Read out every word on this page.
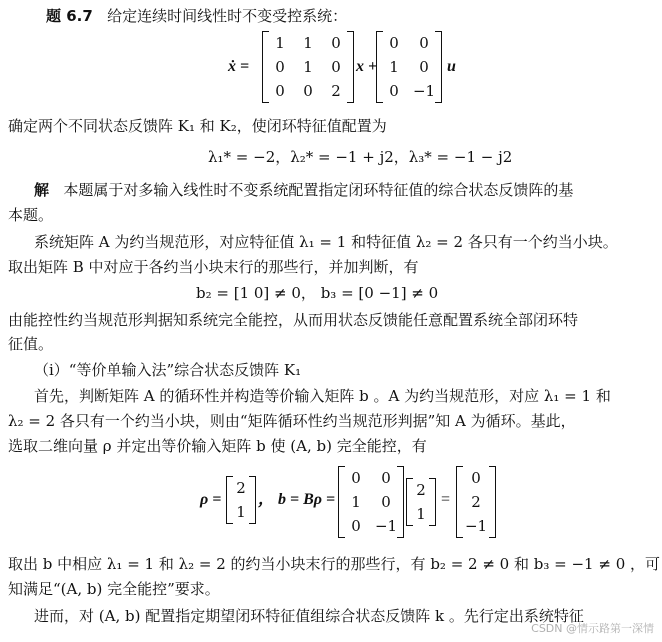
题 6.7 给定连续时间线性时不变受控系统：
ẋ =
1	1	0
0	1	0
0	0	2
x +
0	0
1	0
0 −1
u
确定两个不同状态反馈阵 K₁ 和 K₂，使闭环特征值配置为
λ₁* = −2，λ₂* = −1 + j2，λ₃* = −1 − j2
解 本题属于对多输入线性时不变系统配置指定闭环特征值的综合状态反馈阵的基
本题。
系统矩阵 A 为约当规范形，对应特征值 λ₁ = 1 和特征值 λ₂ = 2 各只有一个约当小块。
取出矩阵 B 中对应于各约当小块末行的那些行，并加判断，有
b₂ = [1 0] ≠ 0， b₃ = [0 −1] ≠ 0
由能控性约当规范形判据知系统完全能控，从而用状态反馈能任意配置系统全部闭环特
征值。
（i）“等价单输入法”综合状态反馈阵 K₁
首先，判断矩阵 A 的循环性并构造等价输入矩阵 b 。A 为约当规范形，对应 λ₁ = 1 和
λ₂ = 2 各只有一个约当小块，则由“矩阵循环性约当规范形判据”知 A 为循环。基此，
选取二维向量 ρ 并定出等价输入矩阵 b 使 (A, b) 完全能控，有
ρ =
2
1
， b = Bρ =
0	0
1	0
0 −1
2
1
=
0
2
−1
取出 b 中相应 λ₁ = 1 和 λ₂ = 2 的约当小块末行的那些行，有 b₂ = 2 ≠ 0 和 b₃ = −1 ≠ 0 ，可
知满足“(A, b) 完全能控”要求。
进而，对 (A, b) 配置指定期望闭环特征值组综合状态反馈阵 k 。先行定出系统特征
CSDN @情示路第一深情
